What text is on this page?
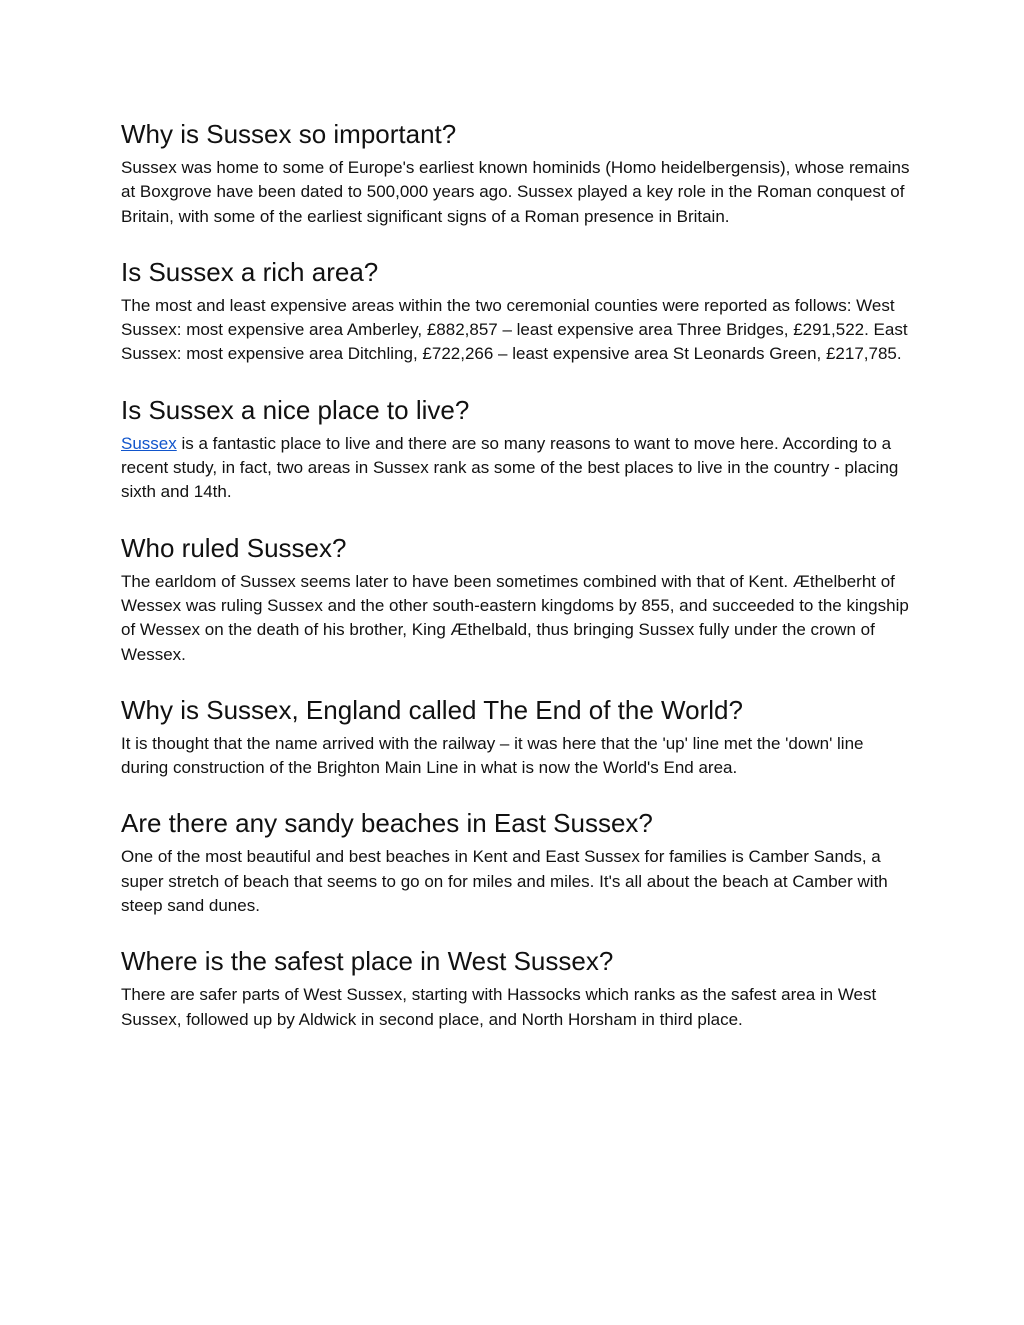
Why is Sussex so important?

Sussex was home to some of Europe's earliest known hominids (Homo heidelbergensis), whose remains at Boxgrove have been dated to 500,000 years ago. Sussex played a key role in the Roman conquest of Britain, with some of the earliest significant signs of a Roman presence in Britain.

Is Sussex a rich area?

The most and least expensive areas within the two ceremonial counties were reported as follows: West Sussex: most expensive area Amberley, £882,857 – least expensive area Three Bridges, £291,522. East Sussex: most expensive area Ditchling, £722,266 – least expensive area St Leonards Green, £217,785.

Is Sussex a nice place to live?

Sussex is a fantastic place to live and there are so many reasons to want to move here. According to a recent study, in fact, two areas in Sussex rank as some of the best places to live in the country - placing sixth and 14th.

Who ruled Sussex?

The earldom of Sussex seems later to have been sometimes combined with that of Kent. Æthelberht of Wessex was ruling Sussex and the other south-eastern kingdoms by 855, and succeeded to the kingship of Wessex on the death of his brother, King Æthelbald, thus bringing Sussex fully under the crown of Wessex.

Why is Sussex, England called The End of the World?

It is thought that the name arrived with the railway – it was here that the 'up' line met the 'down' line during construction of the Brighton Main Line in what is now the World's End area.

Are there any sandy beaches in East Sussex?

One of the most beautiful and best beaches in Kent and East Sussex for families is Camber Sands, a super stretch of beach that seems to go on for miles and miles. It's all about the beach at Camber with steep sand dunes.

Where is the safest place in West Sussex?

There are safer parts of West Sussex, starting with Hassocks which ranks as the safest area in West Sussex, followed up by Aldwick in second place, and North Horsham in third place.
